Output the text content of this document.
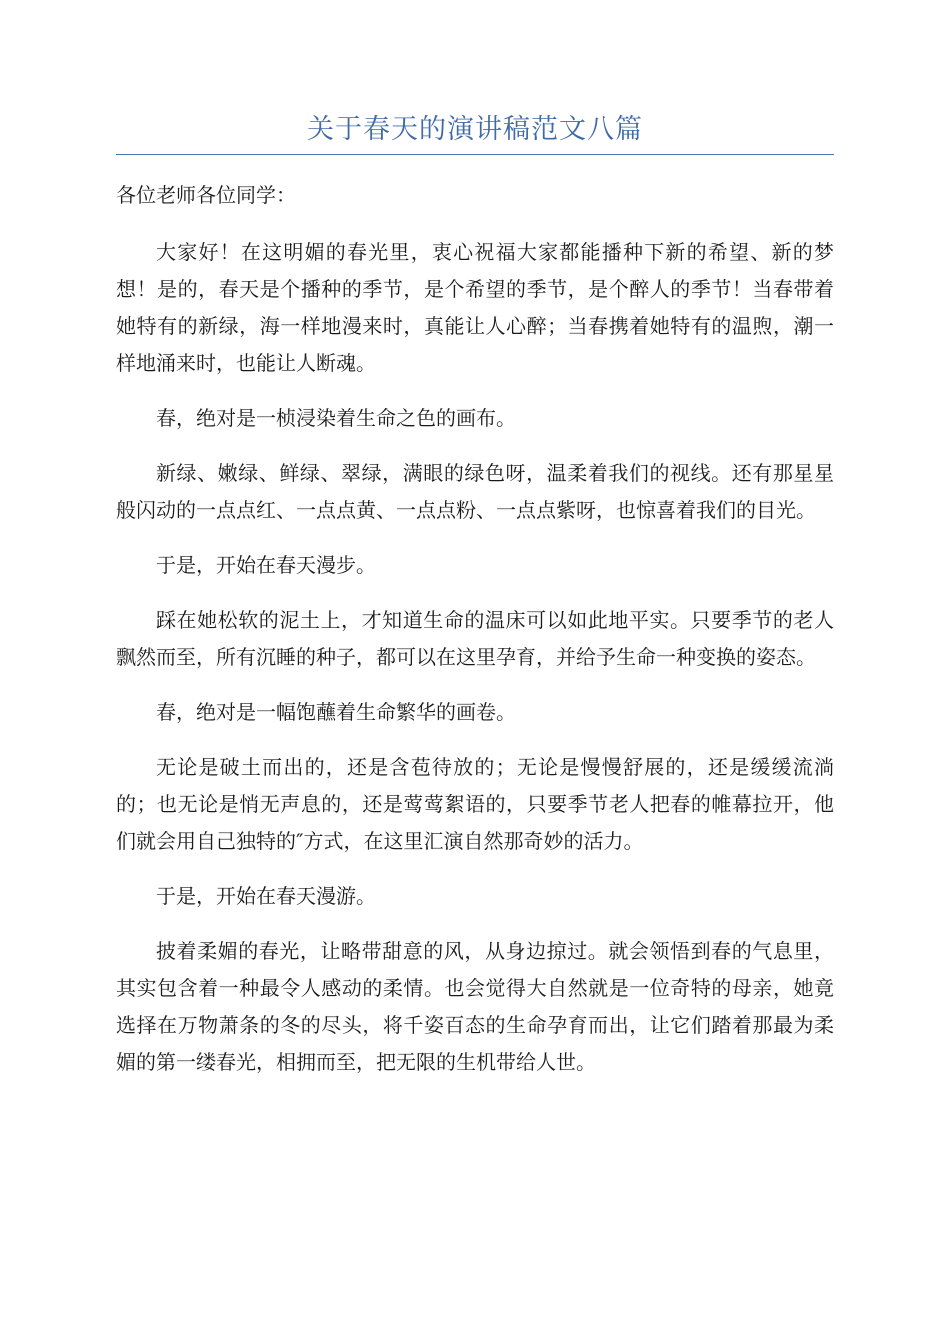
关于春天的演讲稿范文八篇

各位老师各位同学：

大家好！在这明媚的春光里，衷心祝福大家都能播种下新的希望、新的梦想！是的，春天是个播种的季节，是个希望的季节，是个醉人的季节！当春带着她特有的新绿，海一样地漫来时，真能让人心醉；当春携着她特有的温煦，潮一样地涌来时，也能让人断魂。

春，绝对是一桢浸染着生命之色的画布。

新绿、嫩绿、鲜绿、翠绿，满眼的绿色呀，温柔着我们的视线。还有那星星般闪动的一点点红、一点点黄、一点点粉、一点点紫呀，也惊喜着我们的目光。

于是，开始在春天漫步。

踩在她松软的泥土上，才知道生命的温床可以如此地平实。只要季节的老人飘然而至，所有沉睡的种子，都可以在这里孕育，并给予生命一种变换的姿态。

春，绝对是一幅饱蘸着生命繁华的画卷。

无论是破土而出的，还是含苞待放的；无论是慢慢舒展的，还是缓缓流淌的；也无论是悄无声息的，还是莺莺絮语的，只要季节老人把春的帷幕拉开，他们就会用自己独特的″方式，在这里汇演自然那奇妙的活力。

于是，开始在春天漫游。

披着柔媚的春光，让略带甜意的风，从身边掠过。就会领悟到春的气息里，其实包含着一种最令人感动的柔情。也会觉得大自然就是一位奇特的母亲，她竟选择在万物萧条的冬的尽头，将千姿百态的生命孕育而出，让它们踏着那最为柔媚的第一缕春光，相拥而至，把无限的生机带给人世。
